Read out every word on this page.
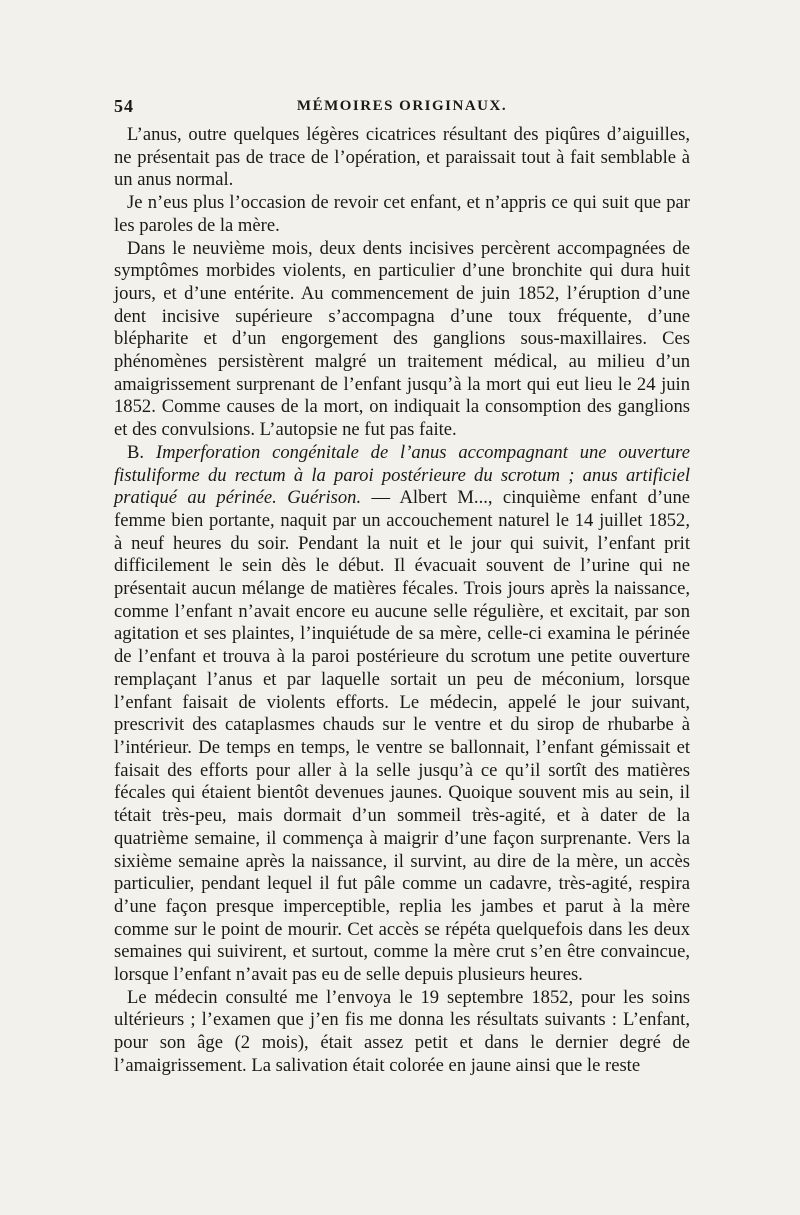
54	MÉMOIRES ORIGINAUX.

L’anus, outre quelques légères cicatrices résultant des piqûres d’aiguilles, ne présentait pas de trace de l’opération, et paraissait tout à fait semblable à un anus normal.

Je n’eus plus l’occasion de revoir cet enfant, et n’appris ce qui suit que par les paroles de la mère.

Dans le neuvième mois, deux dents incisives percèrent accompagnées de symptômes morbides violents, en particulier d’une bronchite qui dura huit jours, et d’une entérite. Au commencement de juin 1852, l’éruption d’une dent incisive supérieure s’accompagna d’une toux fréquente, d’une blépharite et d’un engorgement des ganglions sous-maxillaires. Ces phénomènes persistèrent malgré un traitement médical, au milieu d’un amaigrissement surprenant de l’enfant jusqu’à la mort qui eut lieu le 24 juin 1852. Comme causes de la mort, on indiquait la consomption des ganglions et des convulsions. L’autopsie ne fut pas faite.

B. Imperforation congénitale de l’anus accompagnant une ouverture fistuliforme du rectum à la paroi postérieure du scrotum ; anus artificiel pratiqué au périnée. Guérison. — Albert M..., cinquième enfant d’une femme bien portante, naquit par un accouchement naturel le 14 juillet 1852, à neuf heures du soir. Pendant la nuit et le jour qui suivit, l’enfant prit difficilement le sein dès le début. Il évacuait souvent de l’urine qui ne présentait aucun mélange de matières fécales. Trois jours après la naissance, comme l’enfant n’avait encore eu aucune selle régulière, et excitait, par son agitation et ses plaintes, l’inquiétude de sa mère, celle-ci examina le périnée de l’enfant et trouva à la paroi postérieure du scrotum une petite ouverture remplaçant l’anus et par laquelle sortait un peu de méconium, lorsque l’enfant faisait de violents efforts. Le médecin, appelé le jour suivant, prescrivit des cataplasmes chauds sur le ventre et du sirop de rhubarbe à l’intérieur. De temps en temps, le ventre se ballonnait, l’enfant gémissait et faisait des efforts pour aller à la selle jusqu’à ce qu’il sortît des matières fécales qui étaient bientôt devenues jaunes. Quoique souvent mis au sein, il tétait très-peu, mais dormait d’un sommeil très-agité, et à dater de la quatrième semaine, il commença à maigrir d’une façon surprenante. Vers la sixième semaine après la naissance, il survint, au dire de la mère, un accès particulier, pendant lequel il fut pâle comme un cadavre, très-agité, respira d’une façon presque imperceptible, replia les jambes et parut à la mère comme sur le point de mourir. Cet accès se répéta quelquefois dans les deux semaines qui suivirent, et surtout, comme la mère crut s’en être convaincue, lorsque l’enfant n’avait pas eu de selle depuis plusieurs heures.

Le médecin consulté me l’envoya le 19 septembre 1852, pour les soins ultérieurs ; l’examen que j’en fis me donna les résultats suivants : L’enfant, pour son âge (2 mois), était assez petit et dans le dernier degré de l’amaigrissement. La salivation était colorée en jaune ainsi que le reste
